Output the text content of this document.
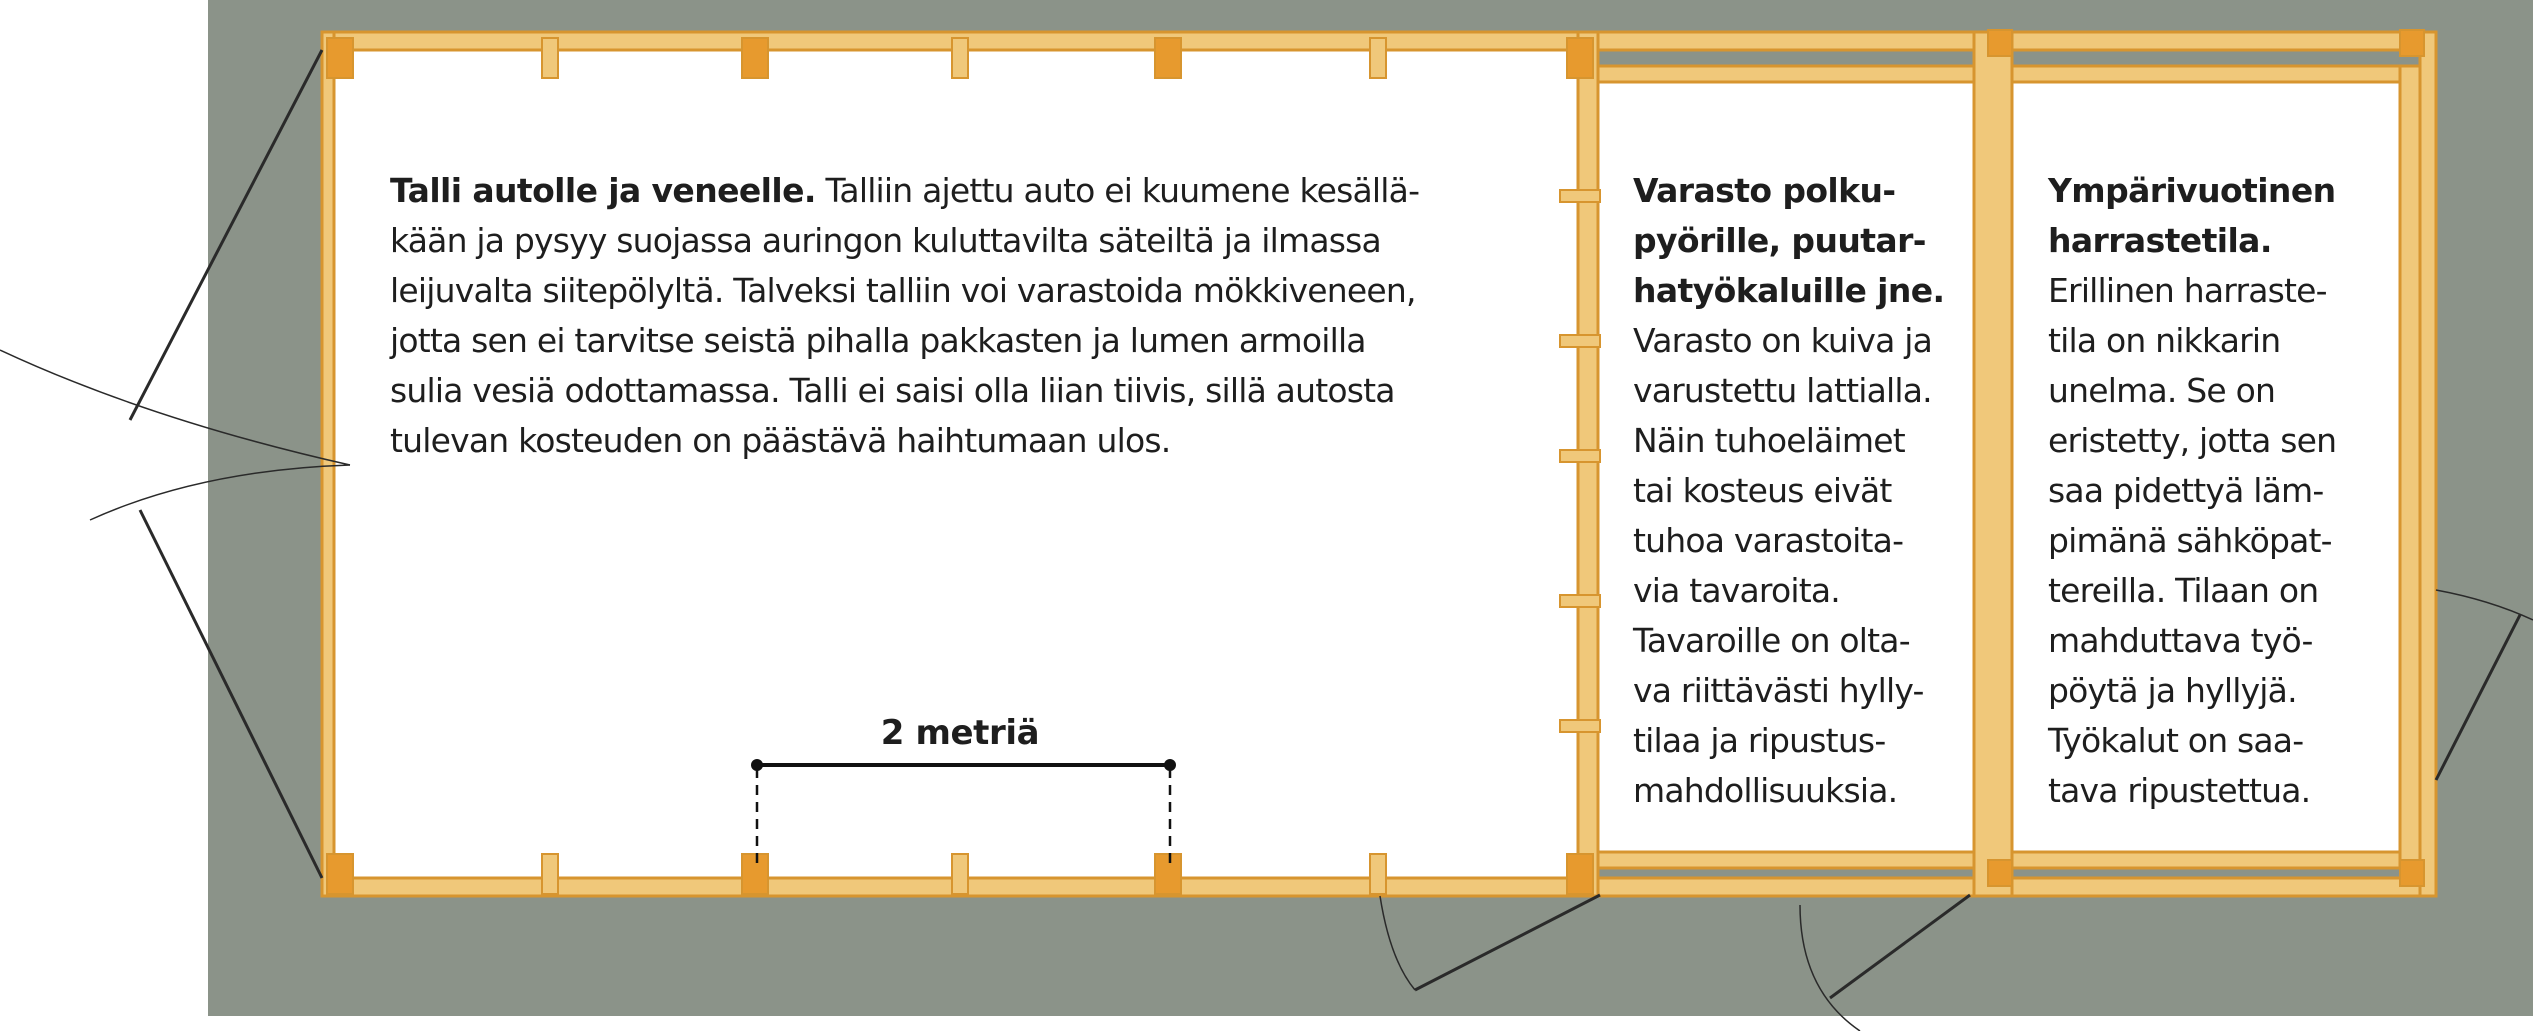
Talli autolle ja veneelle. Talliin ajettu auto ei kuumene kesällä-
kään ja pysyy suojassa auringon kuluttavilta säteiltä ja ilmassa
leijuvalta siitepölyltä. Talveksi talliin voi varastoida mökkiveneen,
jotta sen ei tarvitse seistä pihalla pakkasten ja lumen armoilla
sulia vesiä odottamassa. Talli ei saisi olla liian tiivis, sillä autosta
tulevan kosteuden on päästävä haihtumaan ulos.

Varasto polku-
pyörille, puutar-
hatyökaluille jne.
Varasto on kuiva ja
varustettu lattialla.
Näin tuhoeläimet
tai kosteus eivät
tuhoa varastoita-
via tavaroita.
Tavaroille on olta-
va riittävästi hylly-
tilaa ja ripustus-
mahdollisuuksia.

Ympärivuotinen
harrastetila.
Erillinen harraste-
tila on nikkarin
unelma. Se on
eristetty, jotta sen
saa pidettyä läm-
pimänä sähköpat-
tereilla. Tilaan on
mahduttava työ-
pöytä ja hyllyjä.
Työkalut on saa-
tava ripustettua.

2 metriä
